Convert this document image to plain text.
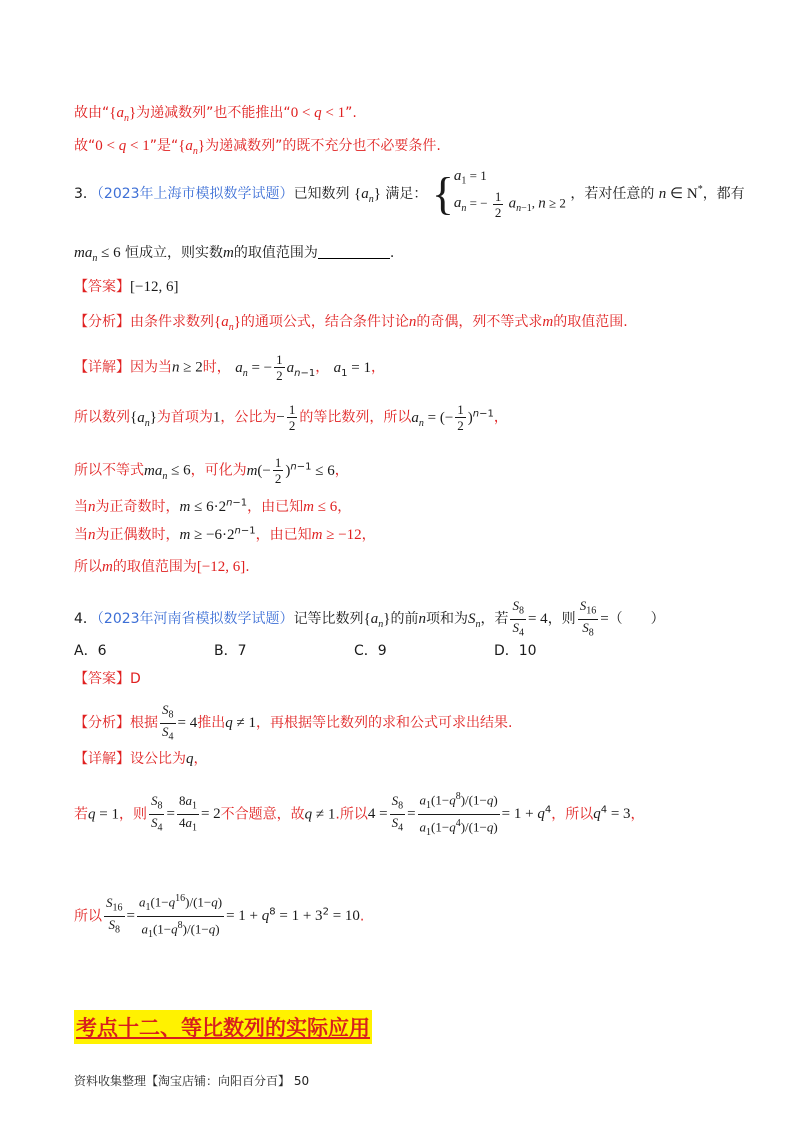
故由“$\{a_n\}$为递减数列”也不能推出“0 < q < 1”.
故“0 < q < 1”是“$\{a_n\}$为递减数列”的既不充分也不必要条件.
3．（2023年上海市模拟数学试题）已知数列 $\{a_n\}$ 满足： { $a_1 = 1$
$a_n$ = − $\frac{1}{2} a_{n-1}$, n ≥ 2
，若对任意的 n ∈ N*，都有
$ma_n \le 6$ 恒成立，则实数m的取值范围为	.
【答案】[−12, 6]
【分析】由条件求数列$\{a_n\}$的通项公式，结合条件讨论n的奇偶，列不等式求m的取值范围.
【详解】因为当n ≥ 2时， $a_n$ = − $\frac{1}{2} a_{n-1}$， $a_1 = 1$，
所以数列$\{a_n\}$为首项为1，公比为− $\frac{1}{2}$ 的等比数列，所以$a_n$ = (− $\frac{1}{2} )^{n-1}$，
所以不等式$ma_n \le 6$，可化为$m(- \frac{1}{2} )^{n-1} \le 6$，
当n为正奇数时，$m \le 6\cdot 2^{n-1}$，由已知m ≤ 6，
当n为正偶数时，$m \ge -6\cdot 2^{n-1}$，由已知m ≥ −12，
所以m的取值范围为[−12, 6].
4．（2023年河南省模拟数学试题）记等比数列$\{a_n\}$的前n项和为$S_n$，若 $\frac{S_8}{S_4} = 4$，则 $\frac{S_{16}}{S_8}$ =（　　）
A．6	B．7	C．9	D．10
【答案】D
【分析】根据 $\frac{S_8}{S_4} = 4$推出q ≠ 1，再根据等比数列的求和公式可求出结果.
【详解】设公比为q，
若q = 1，则 $\frac{S_8}{S_4} = \frac{8a_1}{4a_1} = 2$不合题意，故q ≠ 1.所以$4 = \frac{S_8}{S_4} = \frac{a_1(1-q^8)/(1-q)}{a_1(1-q^4)/(1-q)} = 1 + q^4$，所以$q^4 = 3$，
所以 $\frac{S_{16}}{S_8} = \frac{a_1(1-q^{16})/(1-q)}{a_1(1-q^8)/(1-q)} = 1 + q^8 = 1 + 3^2 = 10$.
考点十二、等比数列的实际应用
资料收集整理【淘宝店铺：向阳百分百】 50
